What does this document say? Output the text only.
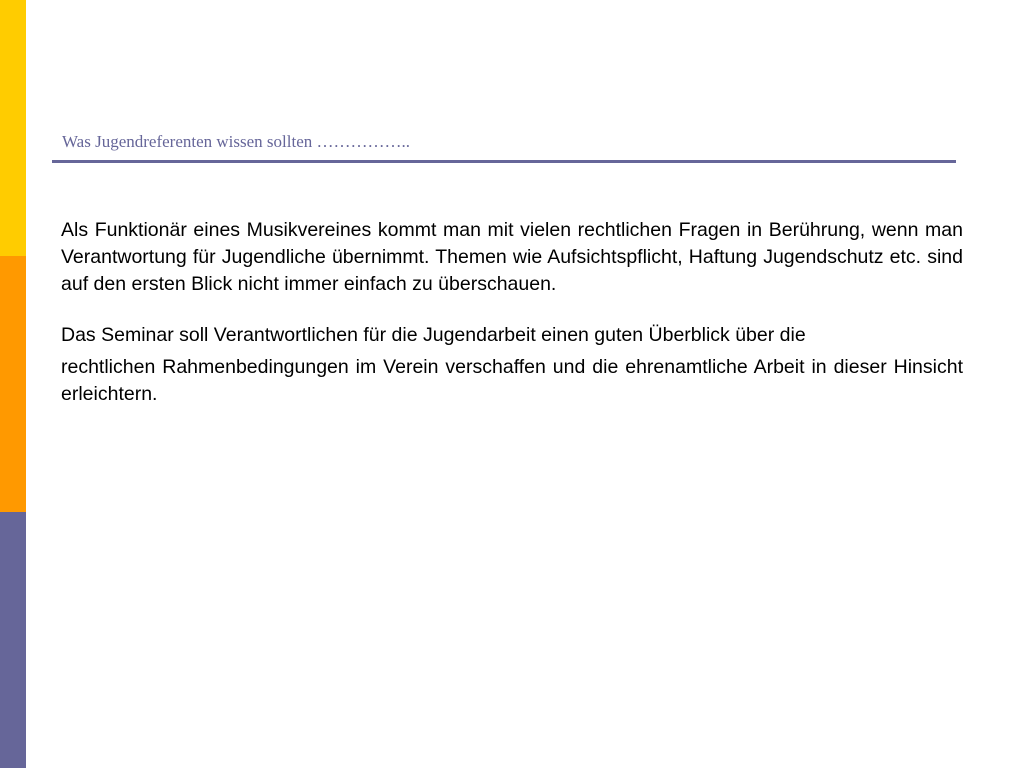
Was Jugendreferenten wissen sollten ……………..

Als Funktionär eines Musikvereines kommt man mit vielen rechtlichen Fragen in Berührung, wenn man Verantwortung für Jugendliche übernimmt. Themen wie Aufsichtspflicht, Haftung Jugendschutz etc. sind auf den ersten Blick nicht immer einfach zu überschauen.

Das Seminar soll Verantwortlichen für die Jugendarbeit einen guten Überblick über die

rechtlichen Rahmenbedingungen im Verein verschaffen und die ehrenamtliche Arbeit in dieser Hinsicht erleichtern.
